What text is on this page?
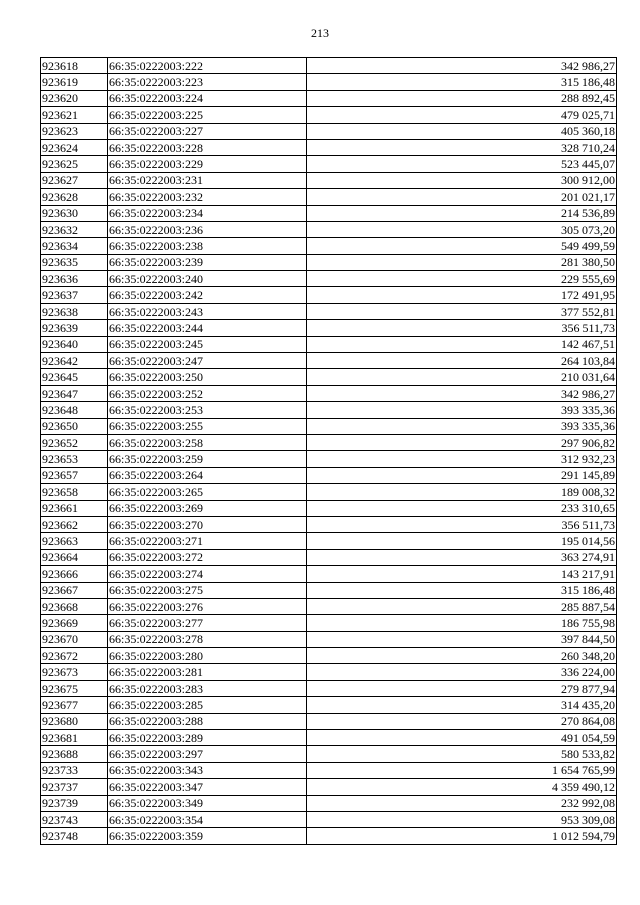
213
923618	66:35:0222003:222	342 986,27
923619	66:35:0222003:223	315 186,48
923620	66:35:0222003:224	288 892,45
923621	66:35:0222003:225	479 025,71
923623	66:35:0222003:227	405 360,18
923624	66:35:0222003:228	328 710,24
923625	66:35:0222003:229	523 445,07
923627	66:35:0222003:231	300 912,00
923628	66:35:0222003:232	201 021,17
923630	66:35:0222003:234	214 536,89
923632	66:35:0222003:236	305 073,20
923634	66:35:0222003:238	549 499,59
923635	66:35:0222003:239	281 380,50
923636	66:35:0222003:240	229 555,69
923637	66:35:0222003:242	172 491,95
923638	66:35:0222003:243	377 552,81
923639	66:35:0222003:244	356 511,73
923640	66:35:0222003:245	142 467,51
923642	66:35:0222003:247	264 103,84
923645	66:35:0222003:250	210 031,64
923647	66:35:0222003:252	342 986,27
923648	66:35:0222003:253	393 335,36
923650	66:35:0222003:255	393 335,36
923652	66:35:0222003:258	297 906,82
923653	66:35:0222003:259	312 932,23
923657	66:35:0222003:264	291 145,89
923658	66:35:0222003:265	189 008,32
923661	66:35:0222003:269	233 310,65
923662	66:35:0222003:270	356 511,73
923663	66:35:0222003:271	195 014,56
923664	66:35:0222003:272	363 274,91
923666	66:35:0222003:274	143 217,91
923667	66:35:0222003:275	315 186,48
923668	66:35:0222003:276	285 887,54
923669	66:35:0222003:277	186 755,98
923670	66:35:0222003:278	397 844,50
923672	66:35:0222003:280	260 348,20
923673	66:35:0222003:281	336 224,00
923675	66:35:0222003:283	279 877,94
923677	66:35:0222003:285	314 435,20
923680	66:35:0222003:288	270 864,08
923681	66:35:0222003:289	491 054,59
923688	66:35:0222003:297	580 533,82
923733	66:35:0222003:343	1 654 765,99
923737	66:35:0222003:347	4 359 490,12
923739	66:35:0222003:349	232 992,08
923743	66:35:0222003:354	953 309,08
923748	66:35:0222003:359	1 012 594,79
